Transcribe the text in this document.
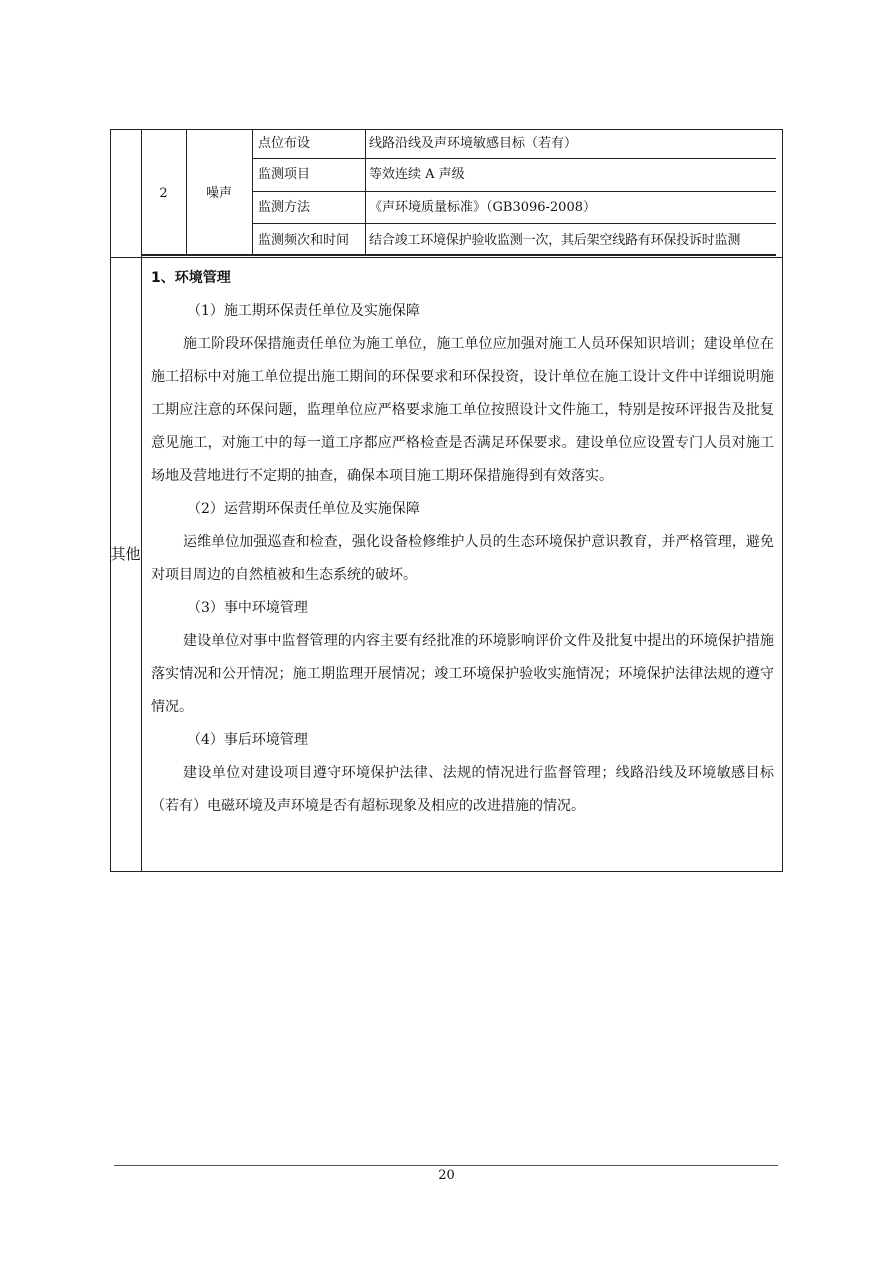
2	噪声
点位布设	线路沿线及声环境敏感目标（若有）
监测项目	等效连续 A 声级
监测方法	《声环境质量标准》（GB3096-2008）
监测频次和时间 结合竣工环境保护验收监测一次，其后架空线路有环保投诉时监测
其他
1、环境管理
（1）施工期环保责任单位及实施保障
施工阶段环保措施责任单位为施工单位，施工单位应加强对施工人员环保知识培训；建设单位在施工招标中对施工单位提出施工期间的环保要求和环保投资，设计单位在施工设计文件中详细说明施工期应注意的环保问题，监理单位应严格要求施工单位按照设计文件施工，特别是按环评报告及批复意见施工，对施工中的每一道工序都应严格检查是否满足环保要求。建设单位应设置专门人员对施工场地及营地进行不定期的抽查，确保本项目施工期环保措施得到有效落实。
（2）运营期环保责任单位及实施保障
运维单位加强巡查和检查，强化设备检修维护人员的生态环境保护意识教育，并严格管理，避免对项目周边的自然植被和生态系统的破坏。
（3）事中环境管理
建设单位对事中监督管理的内容主要有经批准的环境影响评价文件及批复中提出的环境保护措施落实情况和公开情况；施工期监理开展情况；竣工环境保护验收实施情况；环境保护法律法规的遵守情况。
（4）事后环境管理
建设单位对建设项目遵守环境保护法律、法规的情况进行监督管理；线路沿线及环境敏感目标（若有）电磁环境及声环境是否有超标现象及相应的改进措施的情况。
20
